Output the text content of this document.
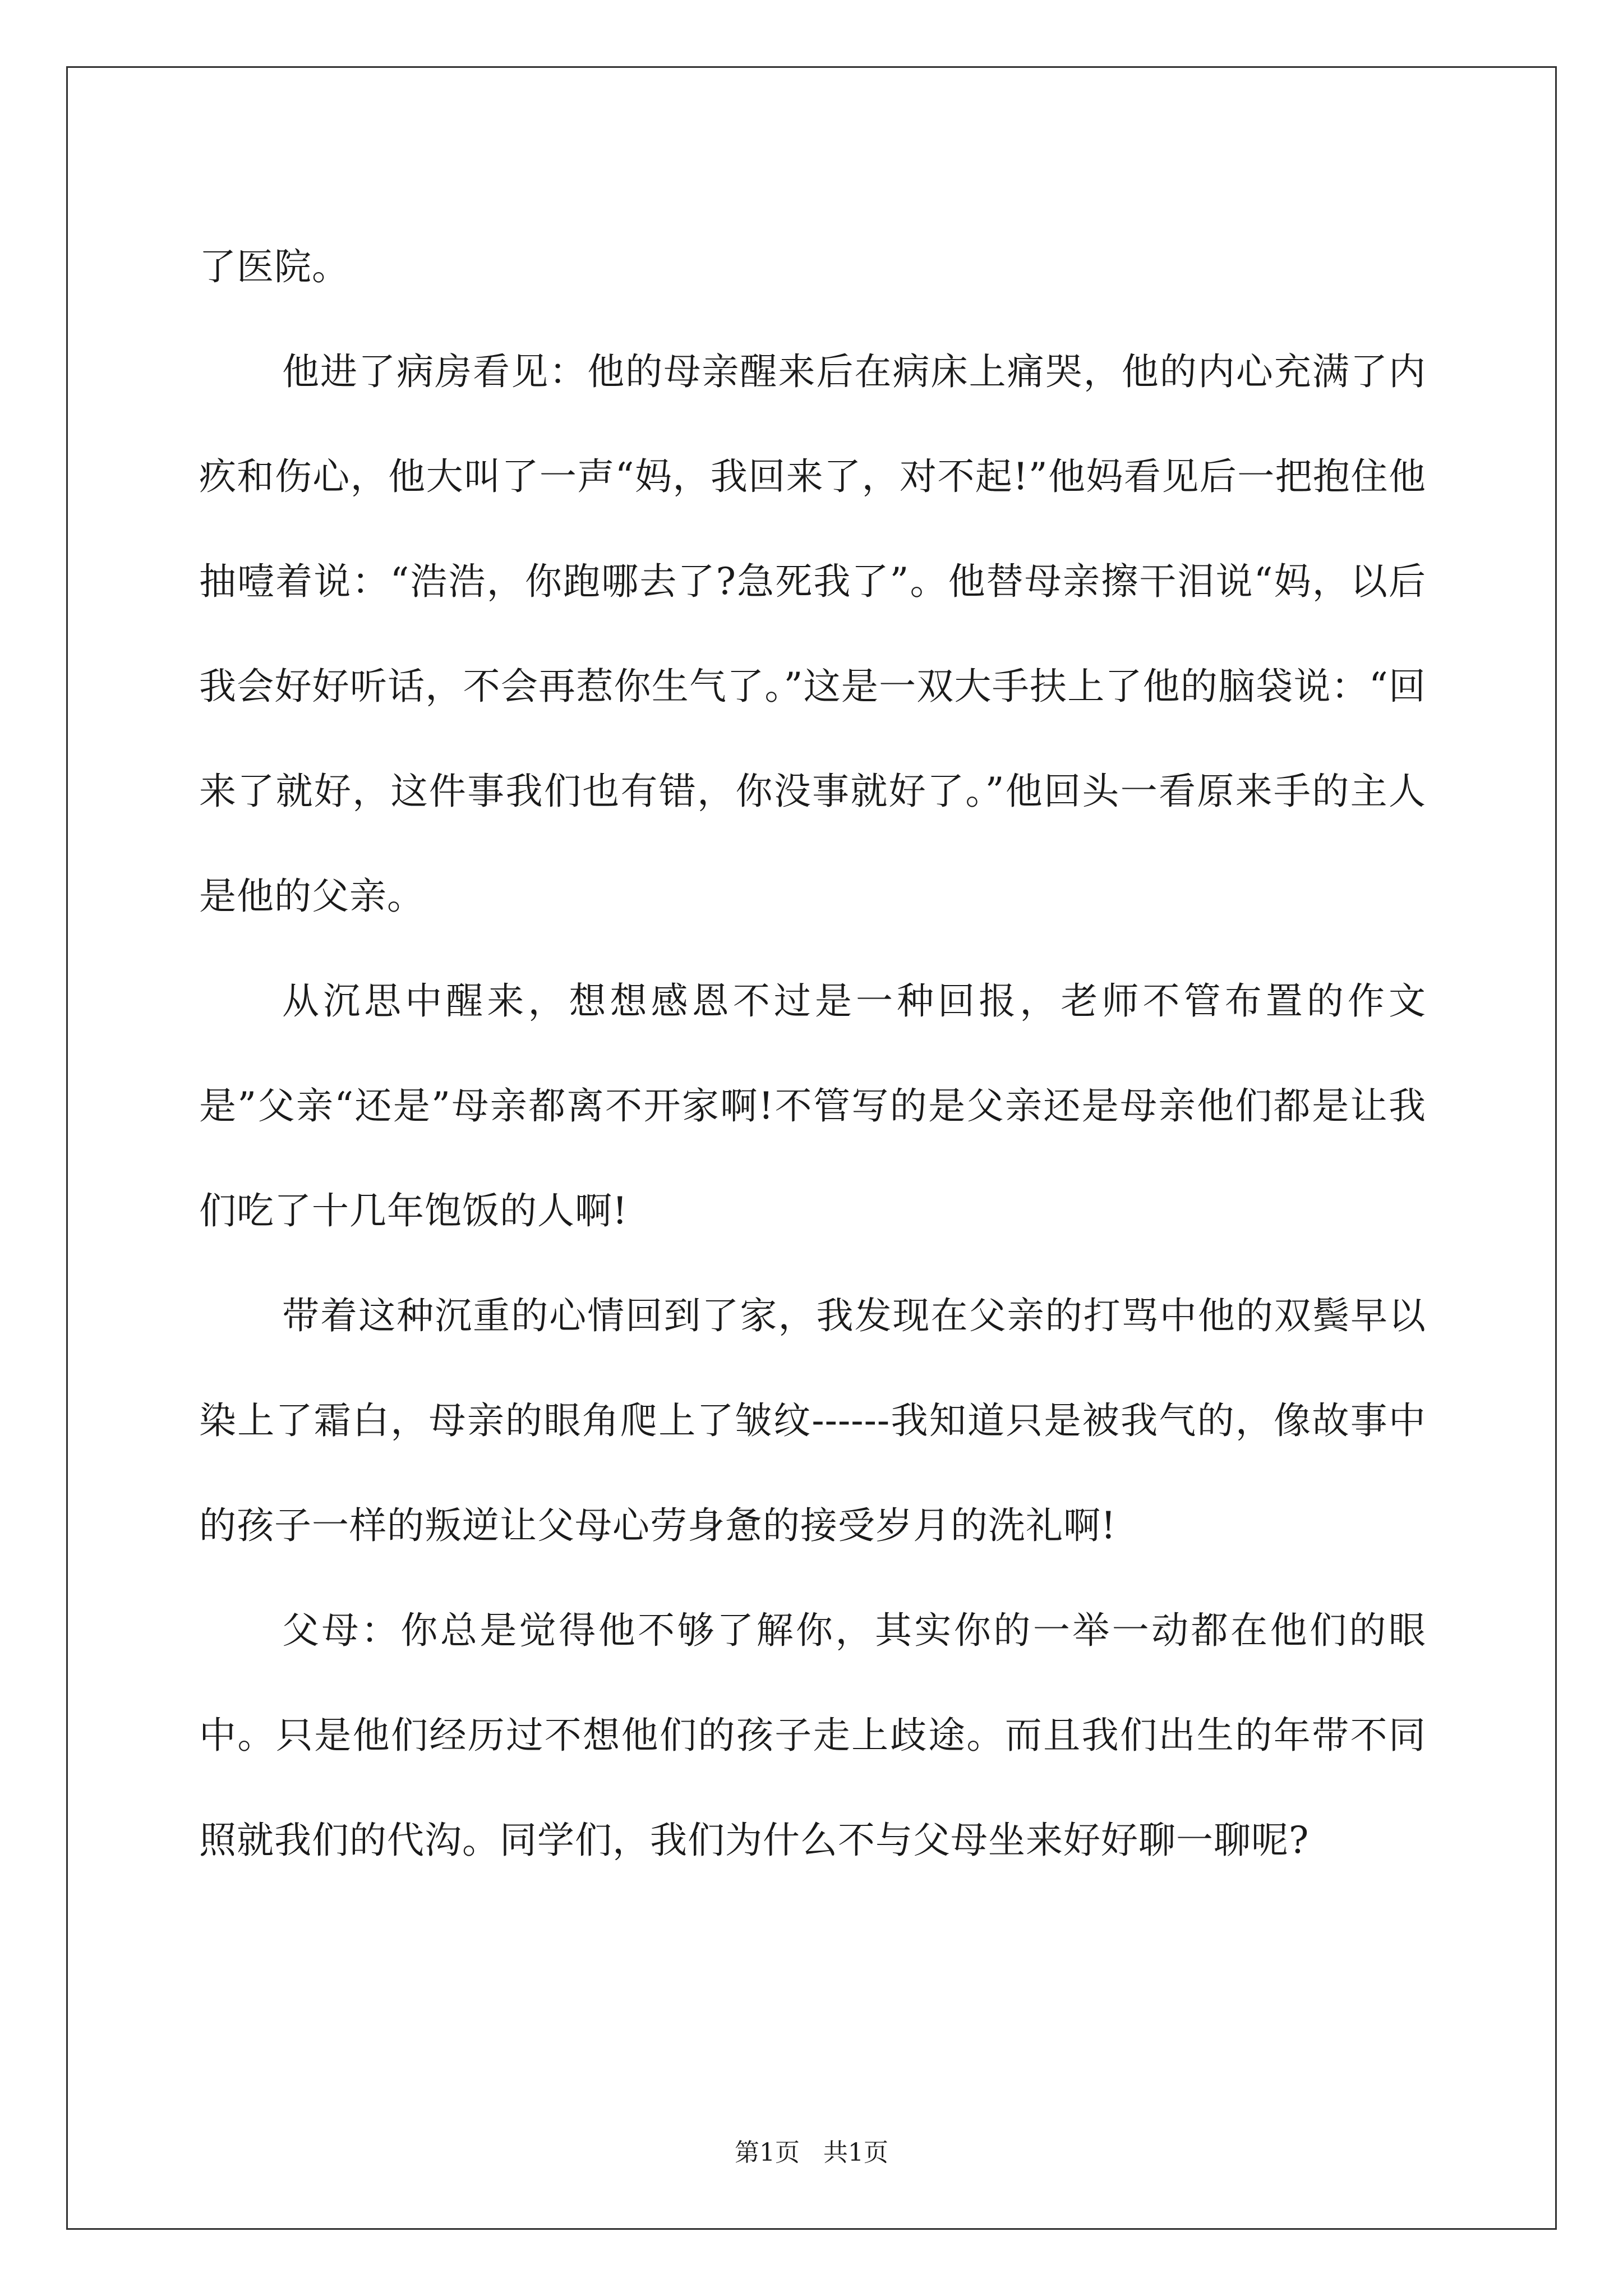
了医院。

他进了病房看见：他的母亲醒来后在病床上痛哭，他的内心充满了内疚和伤心，他大叫了一声“妈，我回来了，对不起!”他妈看见后一把抱住他抽噎着说：“浩浩，你跑哪去了?急死我了”。他替母亲擦干泪说“妈，以后我会好好听话，不会再惹你生气了。”这是一双大手扶上了他的脑袋说：“回来了就好，这件事我们也有错，你没事就好了。”他回头一看原来手的主人是他的父亲。

从沉思中醒来，想想感恩不过是一种回报，老师不管布置的作文是”父亲“还是”母亲都离不开家啊!不管写的是父亲还是母亲他们都是让我们吃了十几年饱饭的人啊!

带着这种沉重的心情回到了家，我发现在父亲的打骂中他的双鬓早以染上了霜白，母亲的眼角爬上了皱纹------我知道只是被我气的，像故事中的孩子一样的叛逆让父母心劳身惫的接受岁月的洗礼啊!

父母：你总是觉得他不够了解你，其实你的一举一动都在他们的眼中。只是他们经历过不想他们的孩子走上歧途。而且我们出生的年带不同照就我们的代沟。同学们，我们为什么不与父母坐来好好聊一聊呢?

第1页 共1页
